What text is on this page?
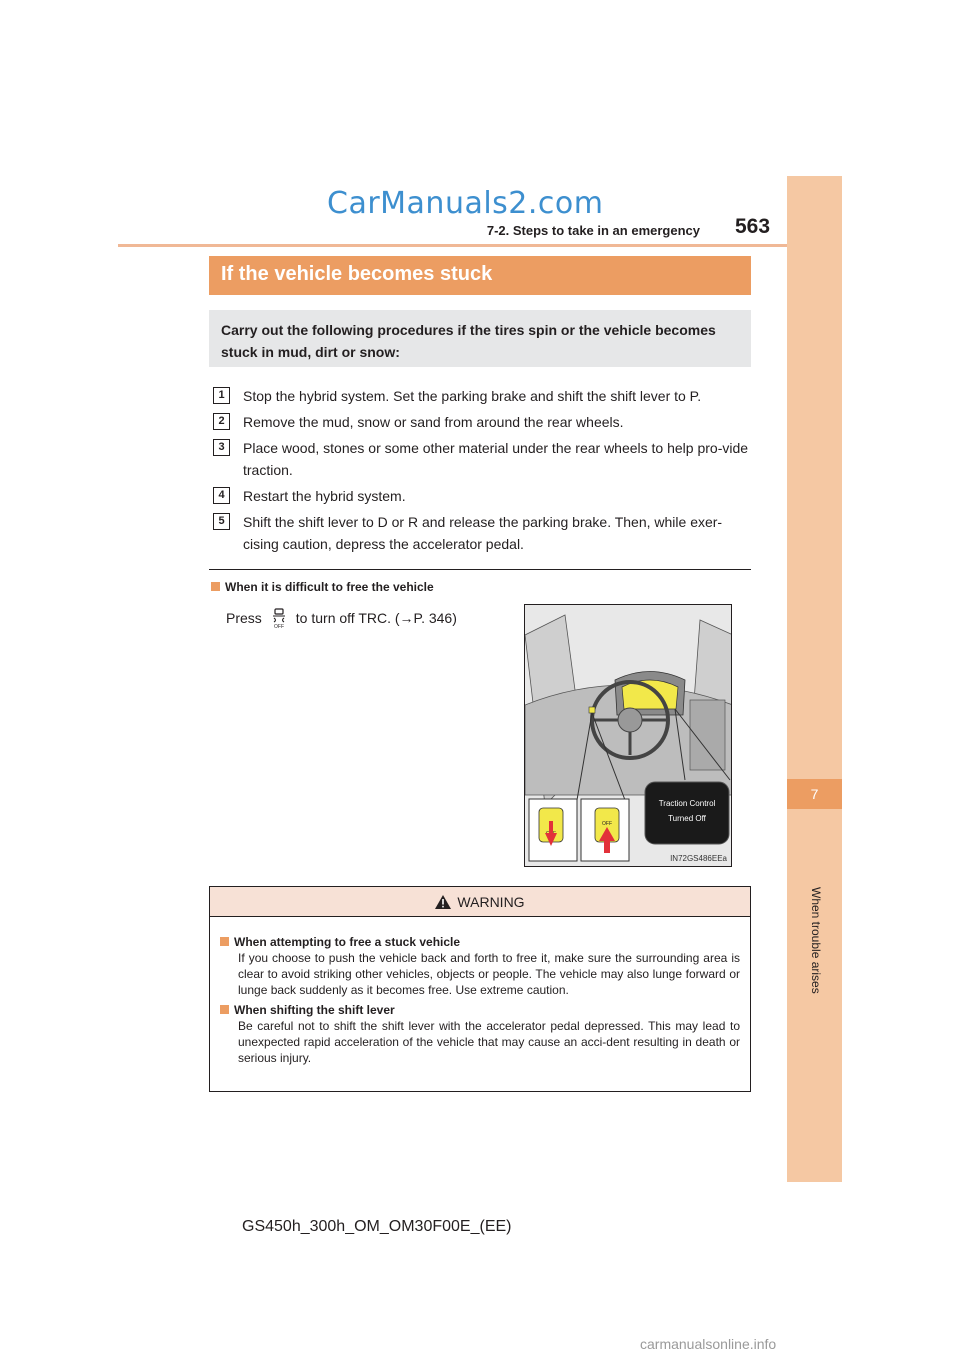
CarManuals2.com
563
7-2. Steps to take in an emergency
7
When trouble arises
If the vehicle becomes stuck
Carry out the following procedures if the tires spin or the vehicle becomes stuck in mud, dirt or snow:
1	Stop the hybrid system. Set the parking brake and shift the shift lever to P.
2	Remove the mud, snow or sand from around the rear wheels.
3	Place wood, stones or some other material under the rear wheels to help pro-vide traction.
4	Restart the hybrid system.
5	Shift the shift lever to D or R and release the parking brake. Then, while exer-cising caution, depress the accelerator pedal.
When it is difficult to free the vehicle
Press
OFF
to turn off TRC. (→P. 346)
OFF
Traction Control
Turned Off
IN72GS486EEa
WARNING
When attempting to free a stuck vehicle
If you choose to push the vehicle back and forth to free it, make sure the surrounding area is clear to avoid striking other vehicles, objects or people. The vehicle may also lunge forward or lunge back suddenly as it becomes free. Use extreme caution.
When shifting the shift lever
Be careful not to shift the shift lever with the accelerator pedal depressed. This may lead to unexpected rapid acceleration of the vehicle that may cause an acci-dent resulting in death or serious injury.
GS450h_300h_OM_OM30F00E_(EE)
carmanualsonline.info
